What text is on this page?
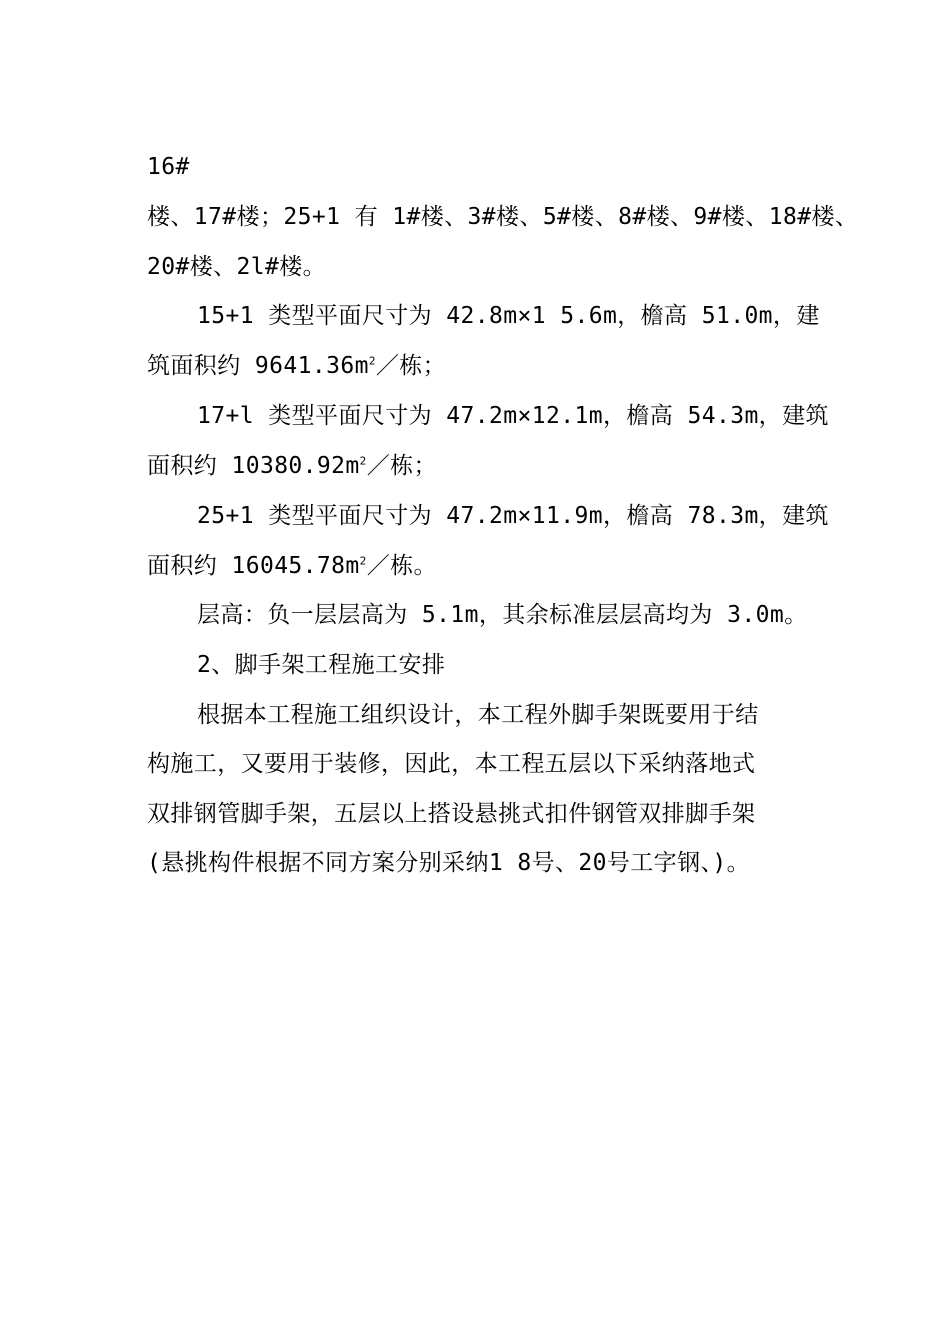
16#
楼、17#楼；25+1 有 1#楼、3#楼、5#楼、8#楼、9#楼、18#楼、
20#楼、2l#楼。
15+1 类型平面尺寸为 42.8m×1 5.6m，檐高 51.0m，建
筑面积约 $9641.36m^2/$栋；
17+l 类型平面尺寸为 47.2m×12.1m，檐高 54.3m，建筑
面积约 $10380.92m^2/$栋；
25+1 类型平面尺寸为 47.2m×11.9m，檐高 78.3m，建筑
面积约 $16045.78m^2/$栋。
层高：负一层层高为 5.1m，其余标准层层高均为 3.0m。
2、脚手架工程施工安排
根据本工程施工组织设计，本工程外脚手架既要用于结
构施工，又要用于装修，因此，本工程五层以下采纳落地式
双排钢管脚手架，五层以上搭设悬挑式扣件钢管双排脚手架
(悬挑构件根据不同方案分别采纳1 8号、20号工字钢、)。
